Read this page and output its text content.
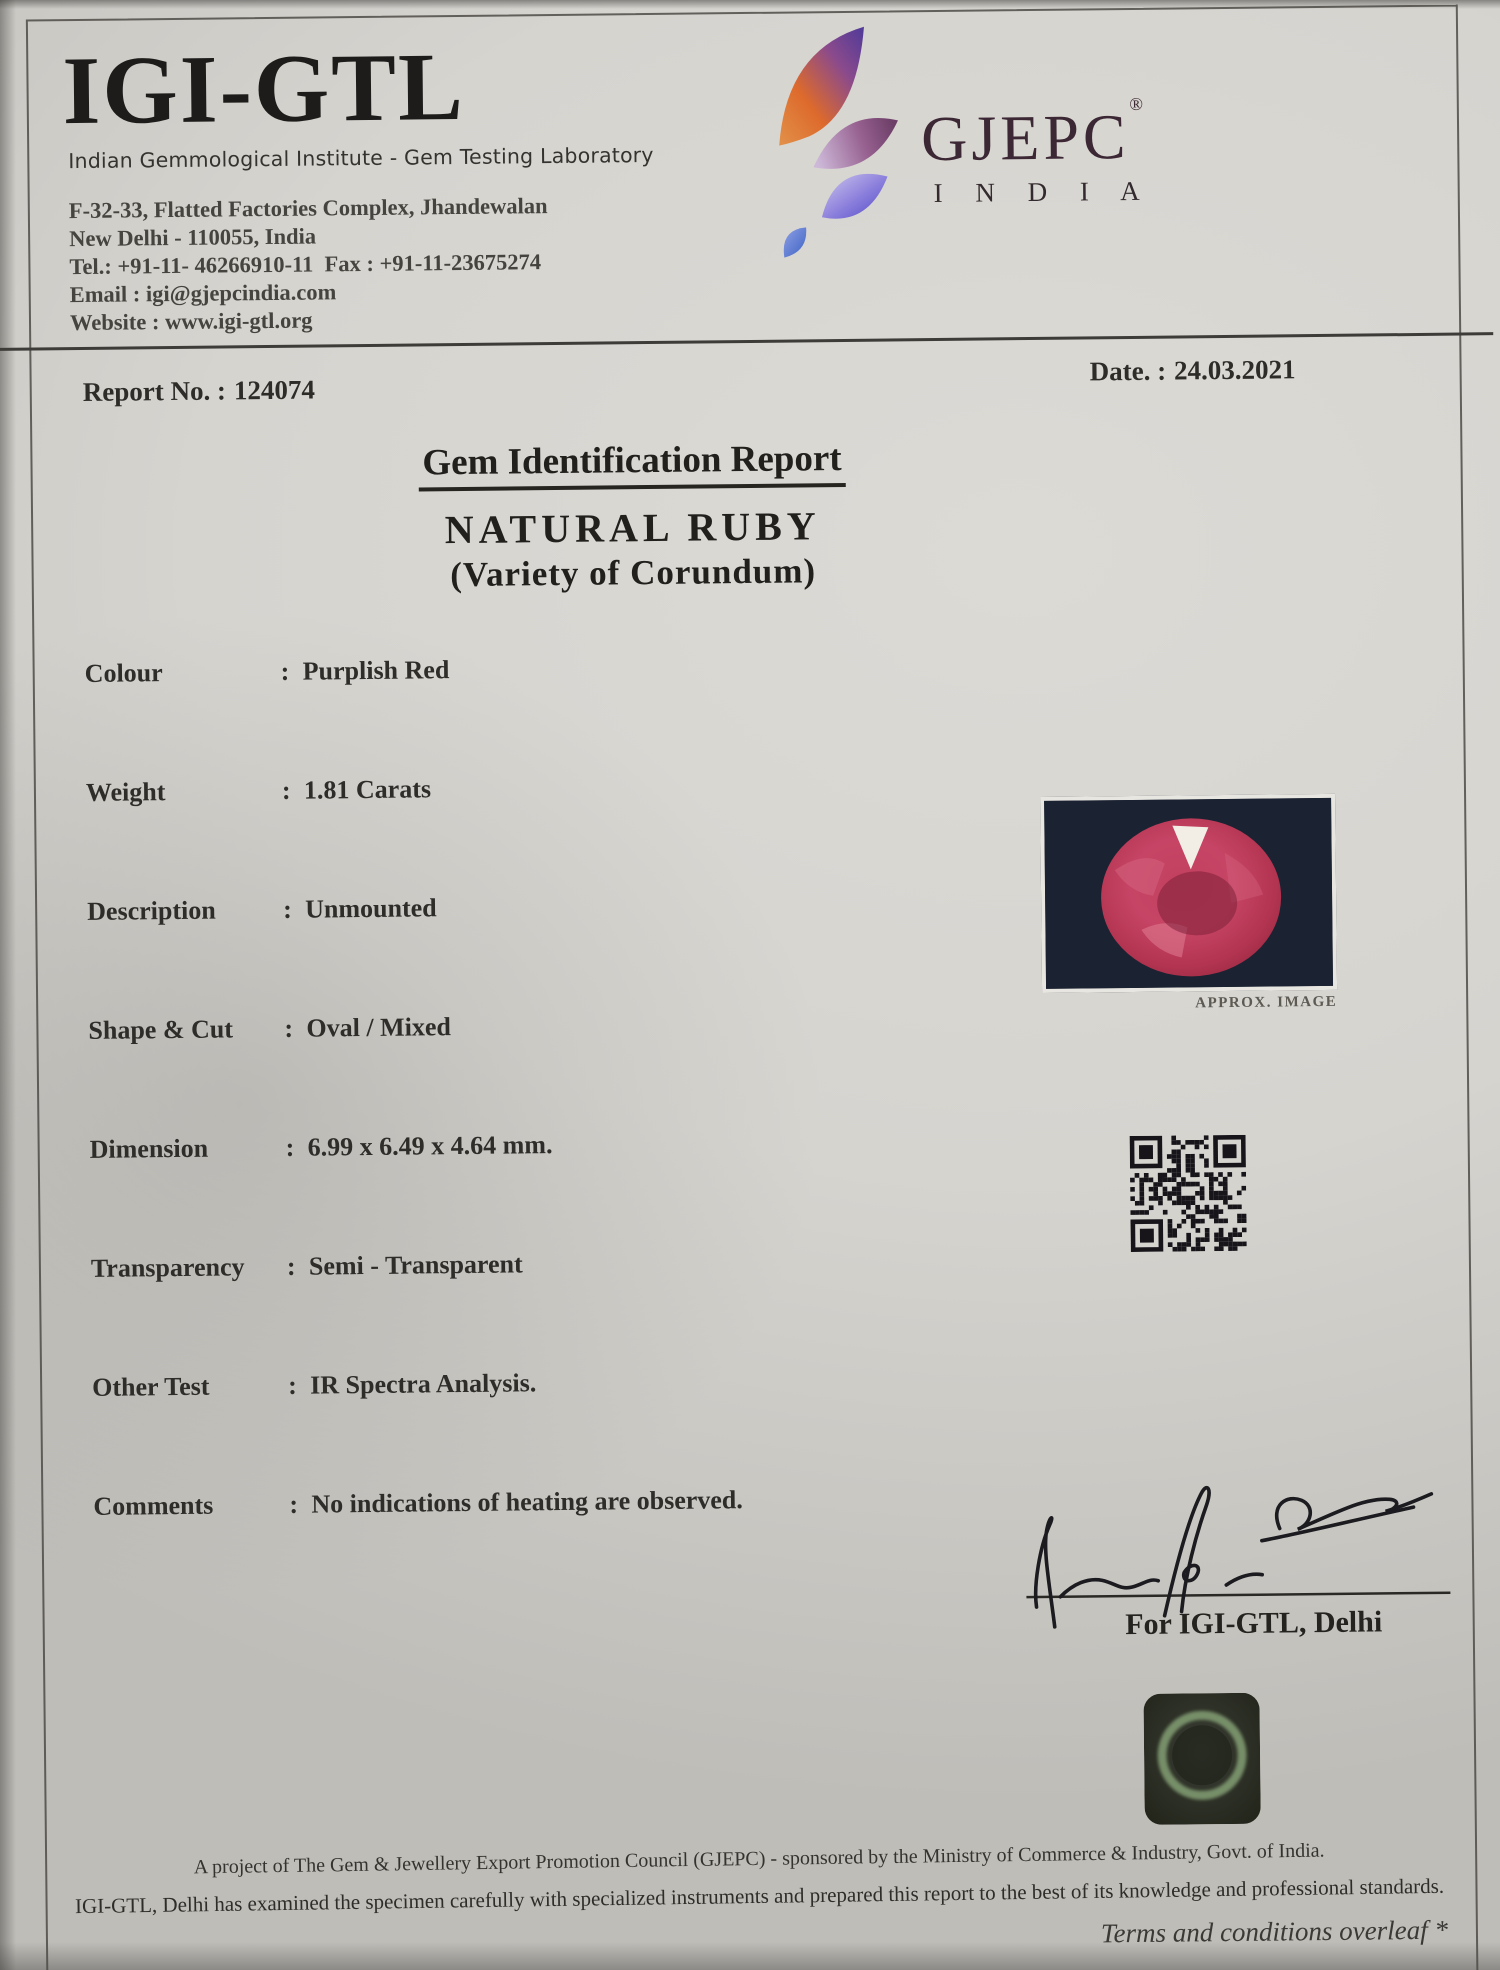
IGI-GTL
Indian Gemmological Institute - Gem Testing Laboratory
F-32-33, Flatted Factories Complex, Jhandewalan
New Delhi - 110055, India
Tel.: +91-11- 46266910-11  Fax : +91-11-23675274
Email : igi@gjepcindia.com
Website : www.igi-gtl.org
GJEPC®
I N D I A
Report No. : 124074
Date. : 24.03.2021
Gem Identification Report
NATURAL RUBY
(Variety of Corundum)
Colour	: Purplish Red
Weight	: 1.81 Carats
Description	: Unmounted
Shape & Cut	: Oval / Mixed
Dimension	: 6.99 x 6.49 x 4.64 mm.
Transparency	: Semi - Transparent
Other Test	: IR Spectra Analysis.
Comments	: No indications of heating are observed.
APPROX. IMAGE
For IGI-GTL, Delhi
A project of The Gem & Jewellery Export Promotion Council (GJEPC) - sponsored by the Ministry of Commerce & Industry, Govt. of India.
IGI-GTL, Delhi has examined the specimen carefully with specialized instruments and prepared this report to the best of its knowledge and professional standards.
Terms and conditions overleaf *
